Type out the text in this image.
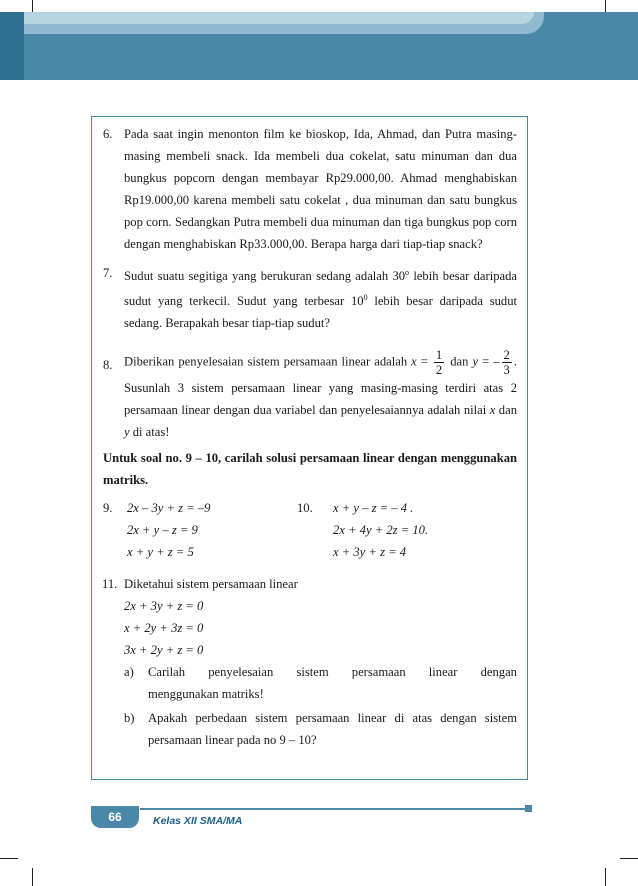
6. Pada saat ingin menonton film ke bioskop, Ida, Ahmad, dan Putra masing-masing membeli snack. Ida membeli dua cokelat, satu minuman dan dua bungkus popcorn dengan membayar Rp29.000,00. Ahmad menghabiskan Rp19.000,00 karena membeli satu cokelat , dua minuman dan satu bungkus pop corn. Sedangkan Putra membeli dua minuman dan tiga bungkus pop corn dengan menghabiskan Rp33.000,00. Berapa harga dari tiap-tiap snack?

7. Sudut suatu segitiga yang berukuran sedang adalah 30$^o$ lebih besar daripada sudut yang terkecil. Sudut yang terbesar $10^0$ lebih besar daripada sudut sedang. Berapakah besar tiap-tiap sudut?

8. Diberikan penyelesaian sistem persamaan linear adalah $x = \frac{1}{2}$ dan y = – $\frac{2}{3}$ . Susunlah 3 sistem persamaan linear yang masing-masing terdiri atas 2 persamaan linear dengan dua variabel dan penyelesaiannya adalah nilai x dan y di atas!

Untuk soal no. 9 – 10, carilah solusi persamaan linear dengan menggunakan matriks.

9.	2x – 3y + z = –9	10.	x + y – z = – 4 .
2x + y – z = 9	2x + 4y + 2z = 10.
x + y + z = 5	x + 3y + z = 4
11. Diketahui sistem persamaan linear

2x + 3y + z = 0
x + 2y + 3z = 0
3x + 2y + z = 0
a) Carilah penyelesaian sistem persamaan linear dengan
menggunakan matriks!
b) Apakah perbedaan sistem persamaan linear di atas dengan sistem persamaan linear pada no 9 – 10?

66	Kelas XII SMA/MA
